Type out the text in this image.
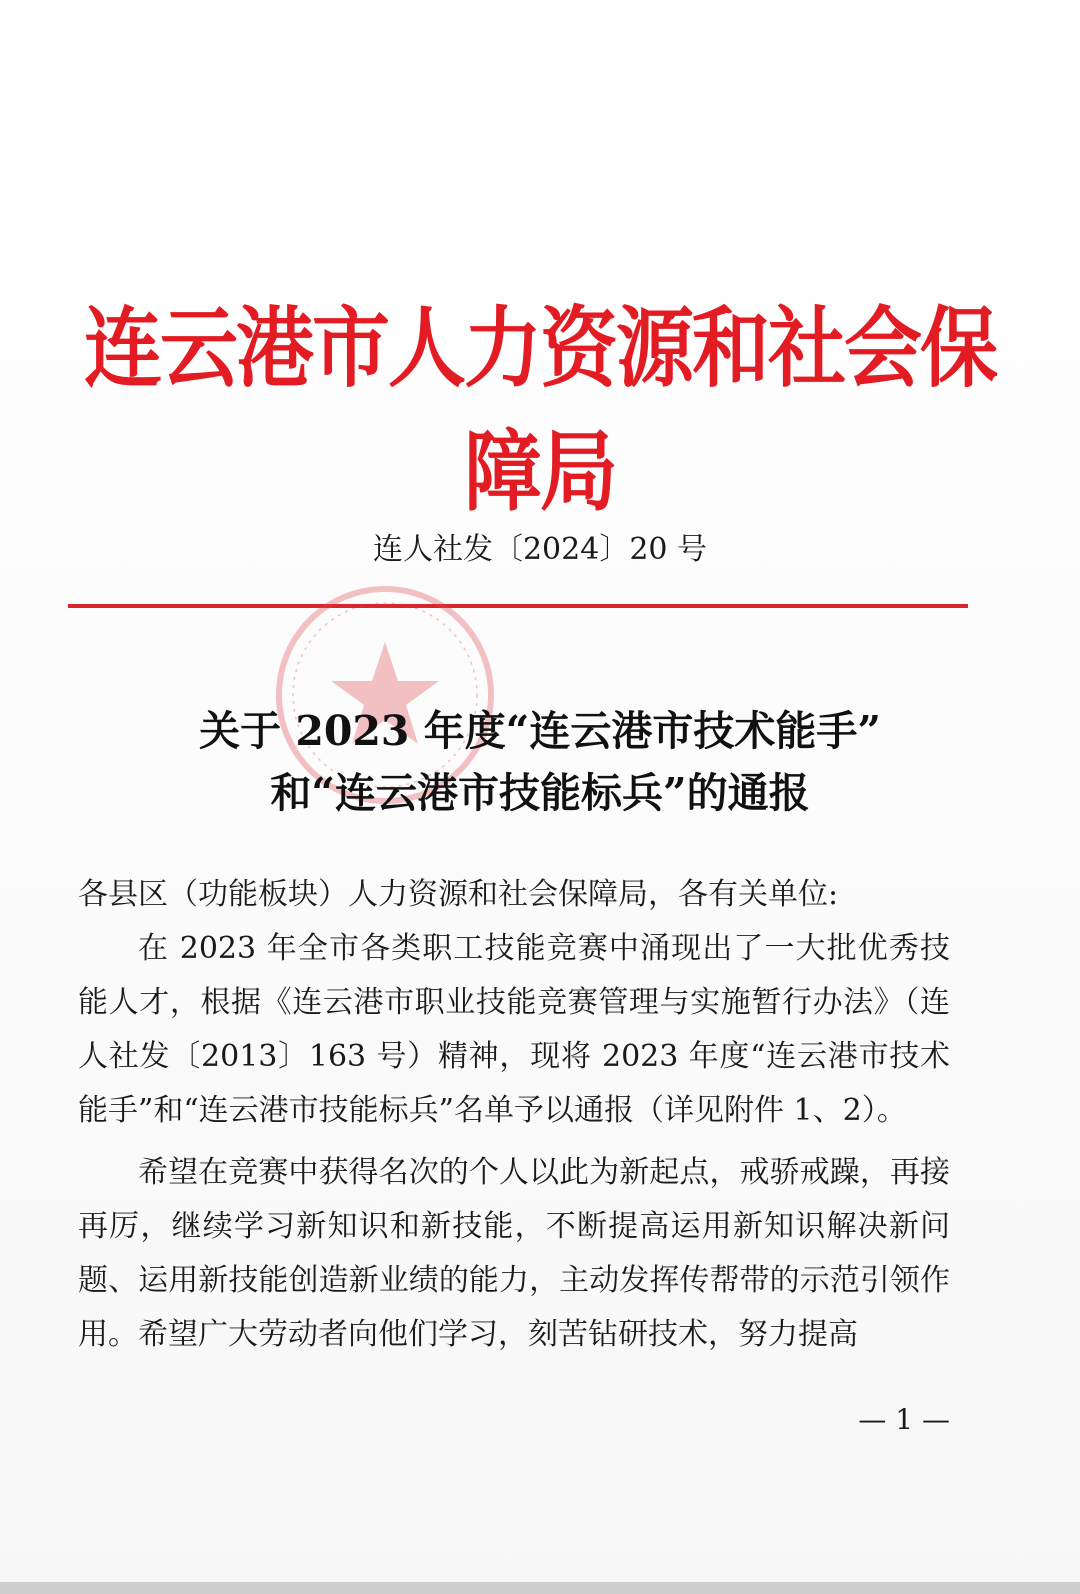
连云港市人力资源和社会保障局
连人社发〔2024〕20 号
关于 2023 年度“连云港市技术能手”
和“连云港市技能标兵”的通报

各县区（功能板块）人力资源和社会保障局，各有关单位:

在 2023 年全市各类职工技能竞赛中涌现出了一大批优秀技能人才，根据《连云港市职业技能竞赛管理与实施暂行办法》（连人社发〔2013〕163 号）精神，现将 2023 年度“连云港市技术能手”和“连云港市技能标兵”名单予以通报（详见附件 1、2）。

希望在竞赛中获得名次的个人以此为新起点，戒骄戒躁，再接再厉，继续学习新知识和新技能，不断提高运用新知识解决新问题、运用新技能创造新业绩的能力，主动发挥传帮带的示范引领作用。希望广大劳动者向他们学习，刻苦钻研技术，努力提高

— 1 —
